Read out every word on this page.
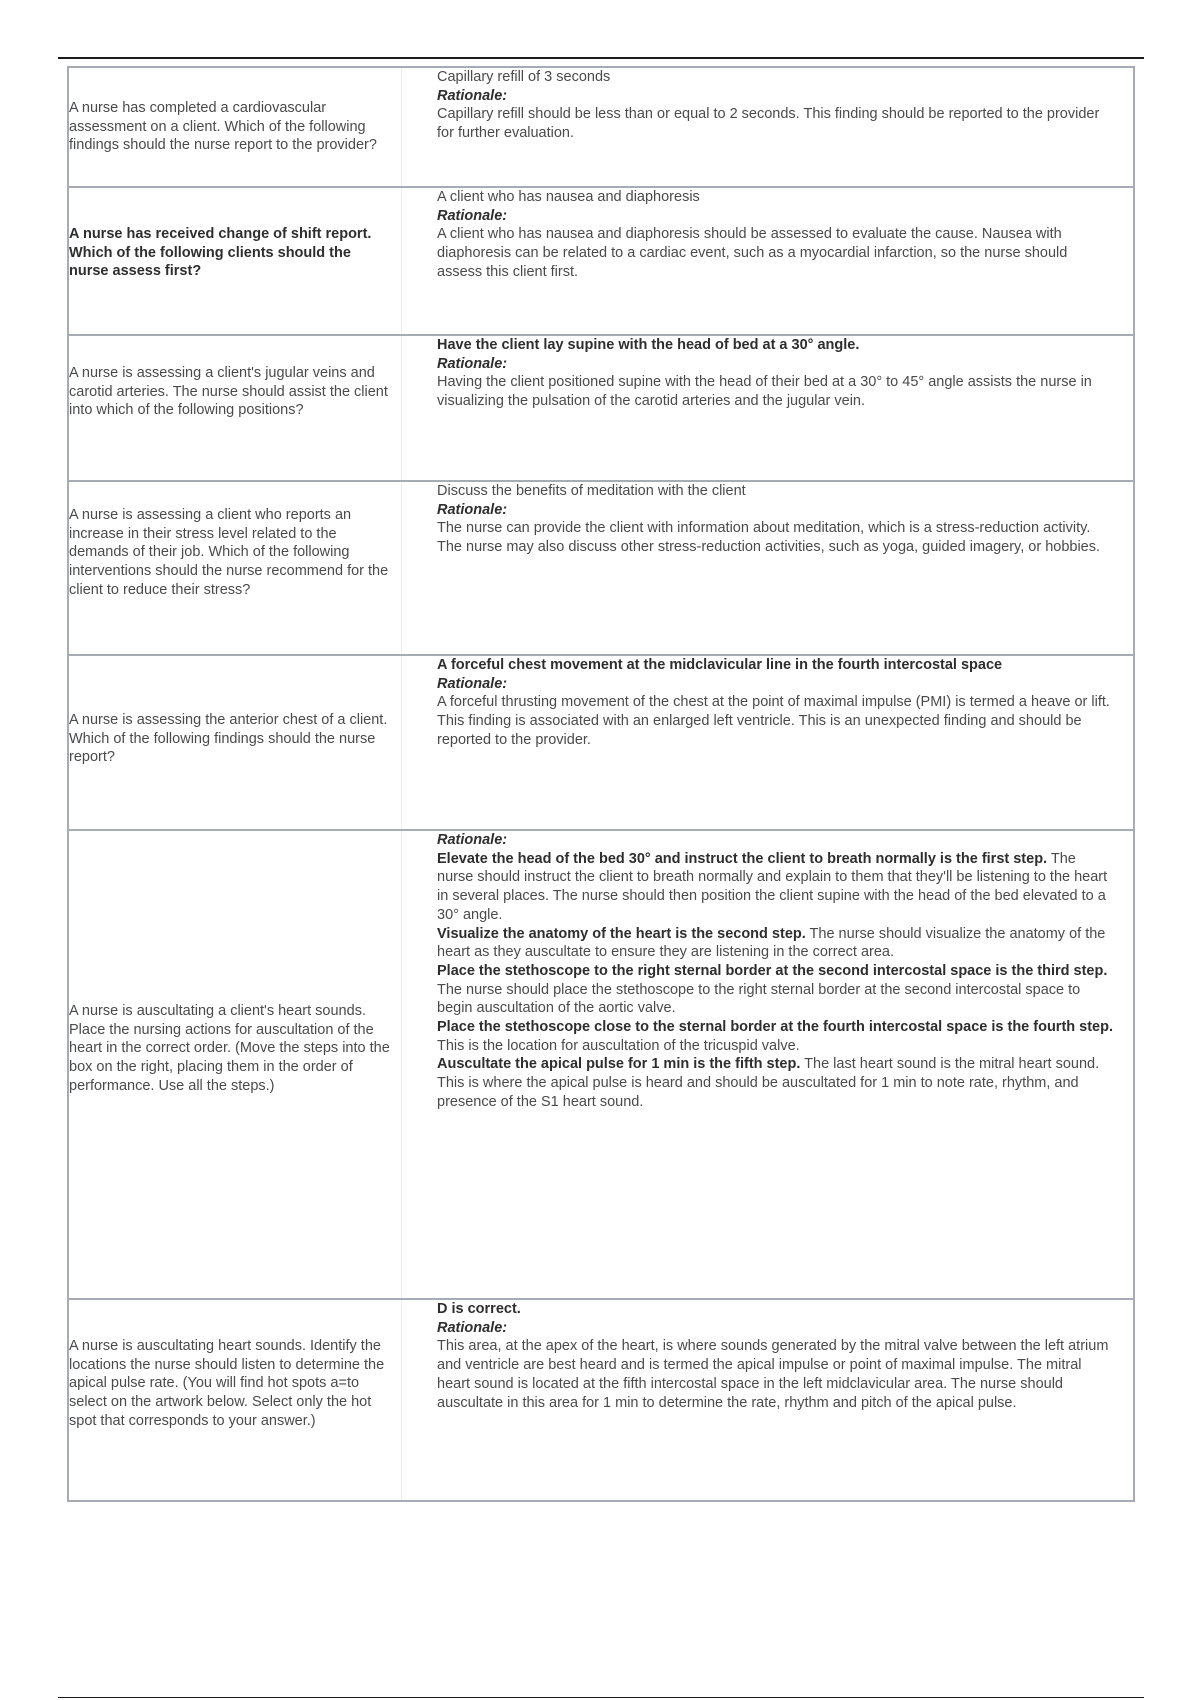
A nurse has completed a cardiovascular assessment on a client. Which of the following findings should the nurse report to the provider?
Capillary refill of 3 seconds
Rationale:
Capillary refill should be less than or equal to 2 seconds. This finding should be reported to the provider for further evaluation.
A nurse has received change of shift report. Which of the following clients should the nurse assess first?
A client who has nausea and diaphoresis
Rationale:
A client who has nausea and diaphoresis should be assessed to evaluate the cause. Nausea with diaphoresis can be related to a cardiac event, such as a myocardial infarction, so the nurse should assess this client first.
A nurse is assessing a client's jugular veins and carotid arteries. The nurse should assist the client into which of the following positions?
Have the client lay supine with the head of bed at a 30° angle.
Rationale:
Having the client positioned supine with the head of their bed at a 30° to 45° angle assists the nurse in visualizing the pulsation of the carotid arteries and the jugular vein.
A nurse is assessing a client who reports an increase in their stress level related to the demands of their job. Which of the following interventions should the nurse recommend for the client to reduce their stress?
Discuss the benefits of meditation with the client
Rationale:
The nurse can provide the client with information about meditation, which is a stress-reduction activity. The nurse may also discuss other stress-reduction activities, such as yoga, guided imagery, or hobbies.
A nurse is assessing the anterior chest of a client. Which of the following findings should the nurse report?
A forceful chest movement at the midclavicular line in the fourth intercostal space
Rationale:
A forceful thrusting movement of the chest at the point of maximal impulse (PMI) is termed a heave or lift. This finding is associated with an enlarged left ventricle. This is an unexpected finding and should be reported to the provider.
A nurse is auscultating a client's heart sounds. Place the nursing actions for auscultation of the heart in the correct order. (Move the steps into the box on the right, placing them in the order of performance. Use all the steps.)
Rationale:
Elevate the head of the bed 30° and instruct the client to breath normally is the first step. The nurse should instruct the client to breath normally and explain to them that they'll be listening to the heart in several places. The nurse should then position the client supine with the head of the bed elevated to a 30° angle.
Visualize the anatomy of the heart is the second step. The nurse should visualize the anatomy of the heart as they auscultate to ensure they are listening in the correct area.
Place the stethoscope to the right sternal border at the second intercostal space is the third step. The nurse should place the stethoscope to the right sternal border at the second intercostal space to begin auscultation of the aortic valve.
Place the stethoscope close to the sternal border at the fourth intercostal space is the fourth step. This is the location for auscultation of the tricuspid valve.
Auscultate the apical pulse for 1 min is the fifth step. The last heart sound is the mitral heart sound. This is where the apical pulse is heard and should be auscultated for 1 min to note rate, rhythm, and presence of the S1 heart sound.
A nurse is auscultating heart sounds. Identify the locations the nurse should listen to determine the apical pulse rate. (You will find hot spots a=to select on the artwork below. Select only the hot spot that corresponds to your answer.)
D is correct.
Rationale:
This area, at the apex of the heart, is where sounds generated by the mitral valve between the left atrium and ventricle are best heard and is termed the apical impulse or point of maximal impulse. The mitral heart sound is located at the fifth intercostal space in the left midclavicular area. The nurse should auscultate in this area for 1 min to determine the rate, rhythm and pitch of the apical pulse.
